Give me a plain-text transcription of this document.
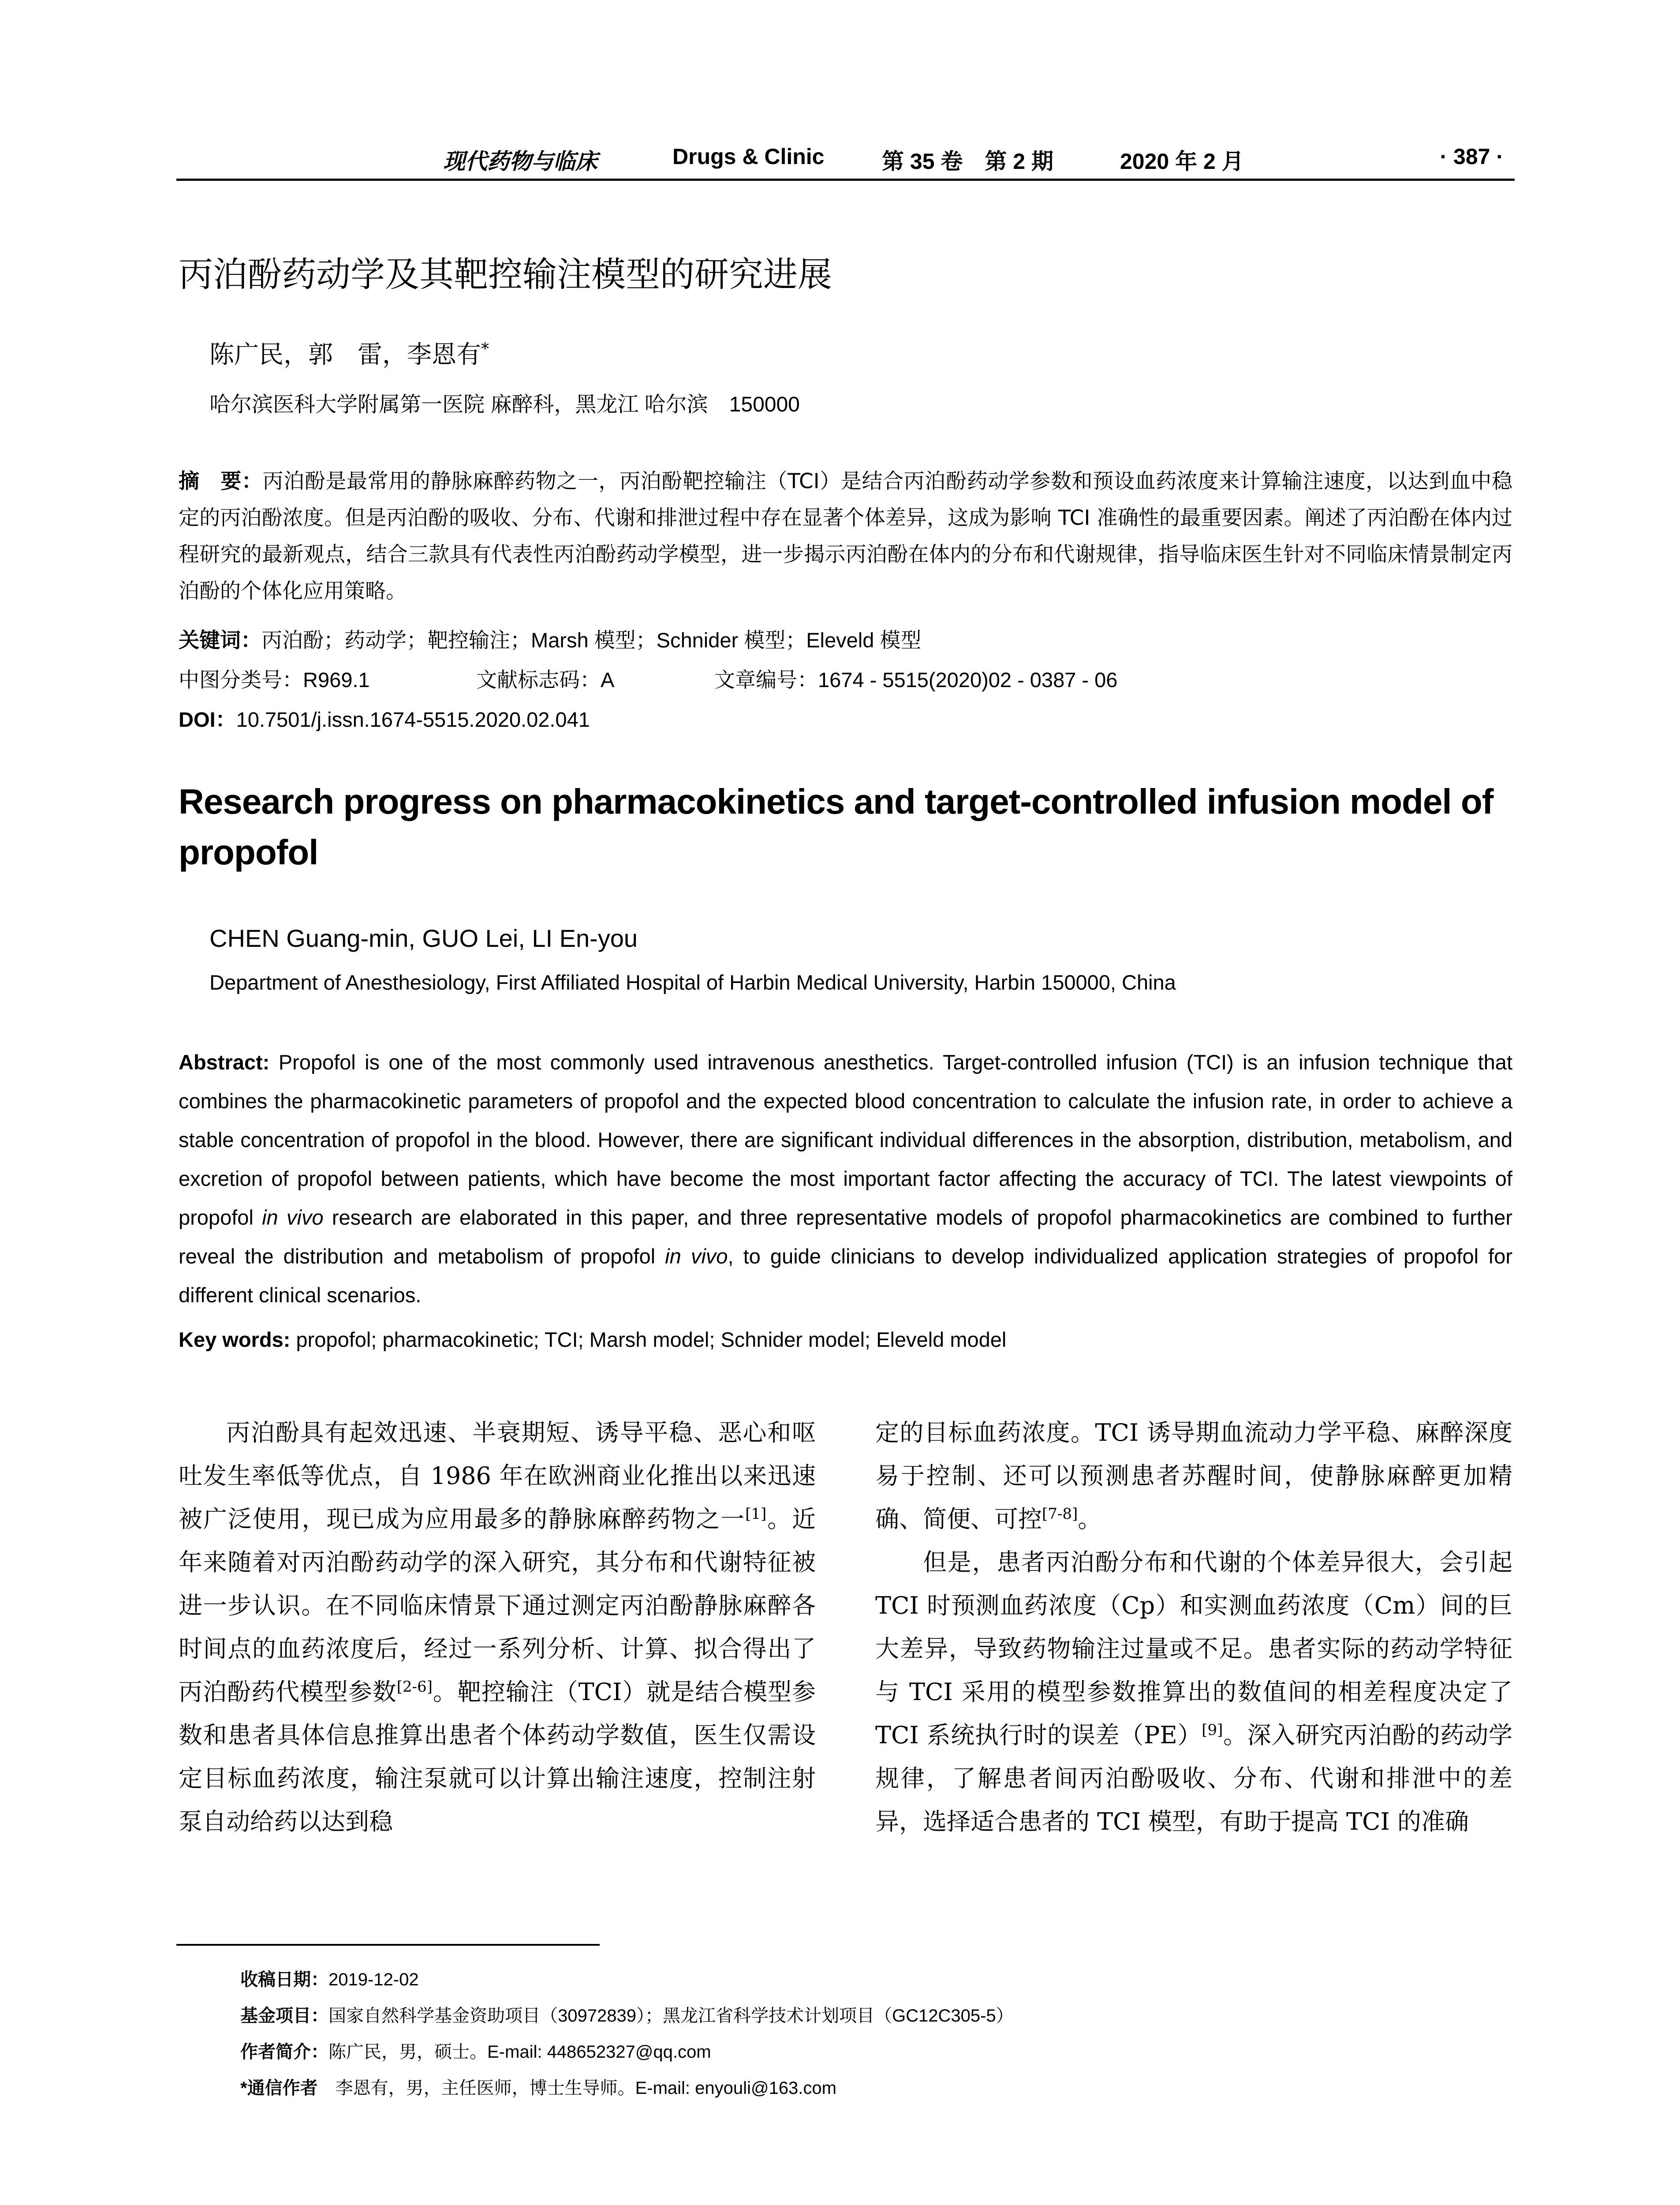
现代药物与临床	Drugs & Clinic	第 35 卷　第 2 期	2020 年 2 月	· 387 ·
丙泊酚药动学及其靶控输注模型的研究进展
陈广民，郭　雷，李恩有*
哈尔滨医科大学附属第一医院 麻醉科，黑龙江 哈尔滨　150000
摘　要：丙泊酚是最常用的静脉麻醉药物之一，丙泊酚靶控输注（TCI）是结合丙泊酚药动学参数和预设血药浓度来计算输注速度，以达到血中稳定的丙泊酚浓度。但是丙泊酚的吸收、分布、代谢和排泄过程中存在显著个体差异，这成为影响 TCI 准确性的最重要因素。阐述了丙泊酚在体内过程研究的最新观点，结合三款具有代表性丙泊酚药动学模型，进一步揭示丙泊酚在体内的分布和代谢规律，指导临床医生针对不同临床情景制定丙泊酚的个体化应用策略。
关键词：丙泊酚；药动学；靶控输注；Marsh 模型；Schnider 模型；Eleveld 模型
中图分类号：R969.1	文献标志码：A	文章编号：1674 - 5515(2020)02 - 0387 - 06
DOI：10.7501/j.issn.1674-5515.2020.02.041
Research progress on pharmacokinetics and target-controlled infusion model of propofol
CHEN Guang-min, GUO Lei, LI En-you
Department of Anesthesiology, First Affiliated Hospital of Harbin Medical University, Harbin 150000, China
Abstract: Propofol is one of the most commonly used intravenous anesthetics. Target-controlled infusion (TCI) is an infusion technique that combines the pharmacokinetic parameters of propofol and the expected blood concentration to calculate the infusion rate, in order to achieve a stable concentration of propofol in the blood. However, there are significant individual differences in the absorption, distribution, metabolism, and excretion of propofol between patients, which have become the most important factor affecting the accuracy of TCI. The latest viewpoints of propofol in vivo research are elaborated in this paper, and three representative models of propofol pharmacokinetics are combined to further reveal the distribution and metabolism of propofol in vivo, to guide clinicians to develop individualized application strategies of propofol for different clinical scenarios.
Key words: propofol; pharmacokinetic; TCI; Marsh model; Schnider model; Eleveld model

丙泊酚具有起效迅速、半衰期短、诱导平稳、恶心和呕吐发生率低等优点，自 1986 年在欧洲商业化推出以来迅速被广泛使用，现已成为应用最多的静脉麻醉药物之一[1]。近年来随着对丙泊酚药动学的深入研究，其分布和代谢特征被进一步认识。在不同临床情景下通过测定丙泊酚静脉麻醉各时间点的血药浓度后，经过一系列分析、计算、拟合得出了丙泊酚药代模型参数[2-6]。靶控输注（TCI）就是结合模型参数和患者具体信息推算出患者个体药动学数值，医生仅需设定目标血药浓度，输注泵就可以计算出输注速度，控制注射泵自动给药以达到稳

定的目标血药浓度。TCI 诱导期血流动力学平稳、麻醉深度易于控制、还可以预测患者苏醒时间，使静脉麻醉更加精确、简便、可控[7-8]。

但是，患者丙泊酚分布和代谢的个体差异很大，会引起 TCI 时预测血药浓度（Cp）和实测血药浓度（Cm）间的巨大差异，导致药物输注过量或不足。患者实际的药动学特征与 TCI 采用的模型参数推算出的数值间的相差程度决定了 TCI 系统执行时的误差（PE）[9]。深入研究丙泊酚的药动学规律，了解患者间丙泊酚吸收、分布、代谢和排泄中的差异，选择适合患者的 TCI 模型，有助于提高 TCI 的准确

收稿日期：2019-12-02
基金项目：国家自然科学基金资助项目（30972839）；黑龙江省科学技术计划项目（GC12C305-5）
作者简介：陈广民，男，硕士。E-mail: 448652327@qq.com
*通信作者　李恩有，男，主任医师，博士生导师。E-mail: enyouli@163.com
